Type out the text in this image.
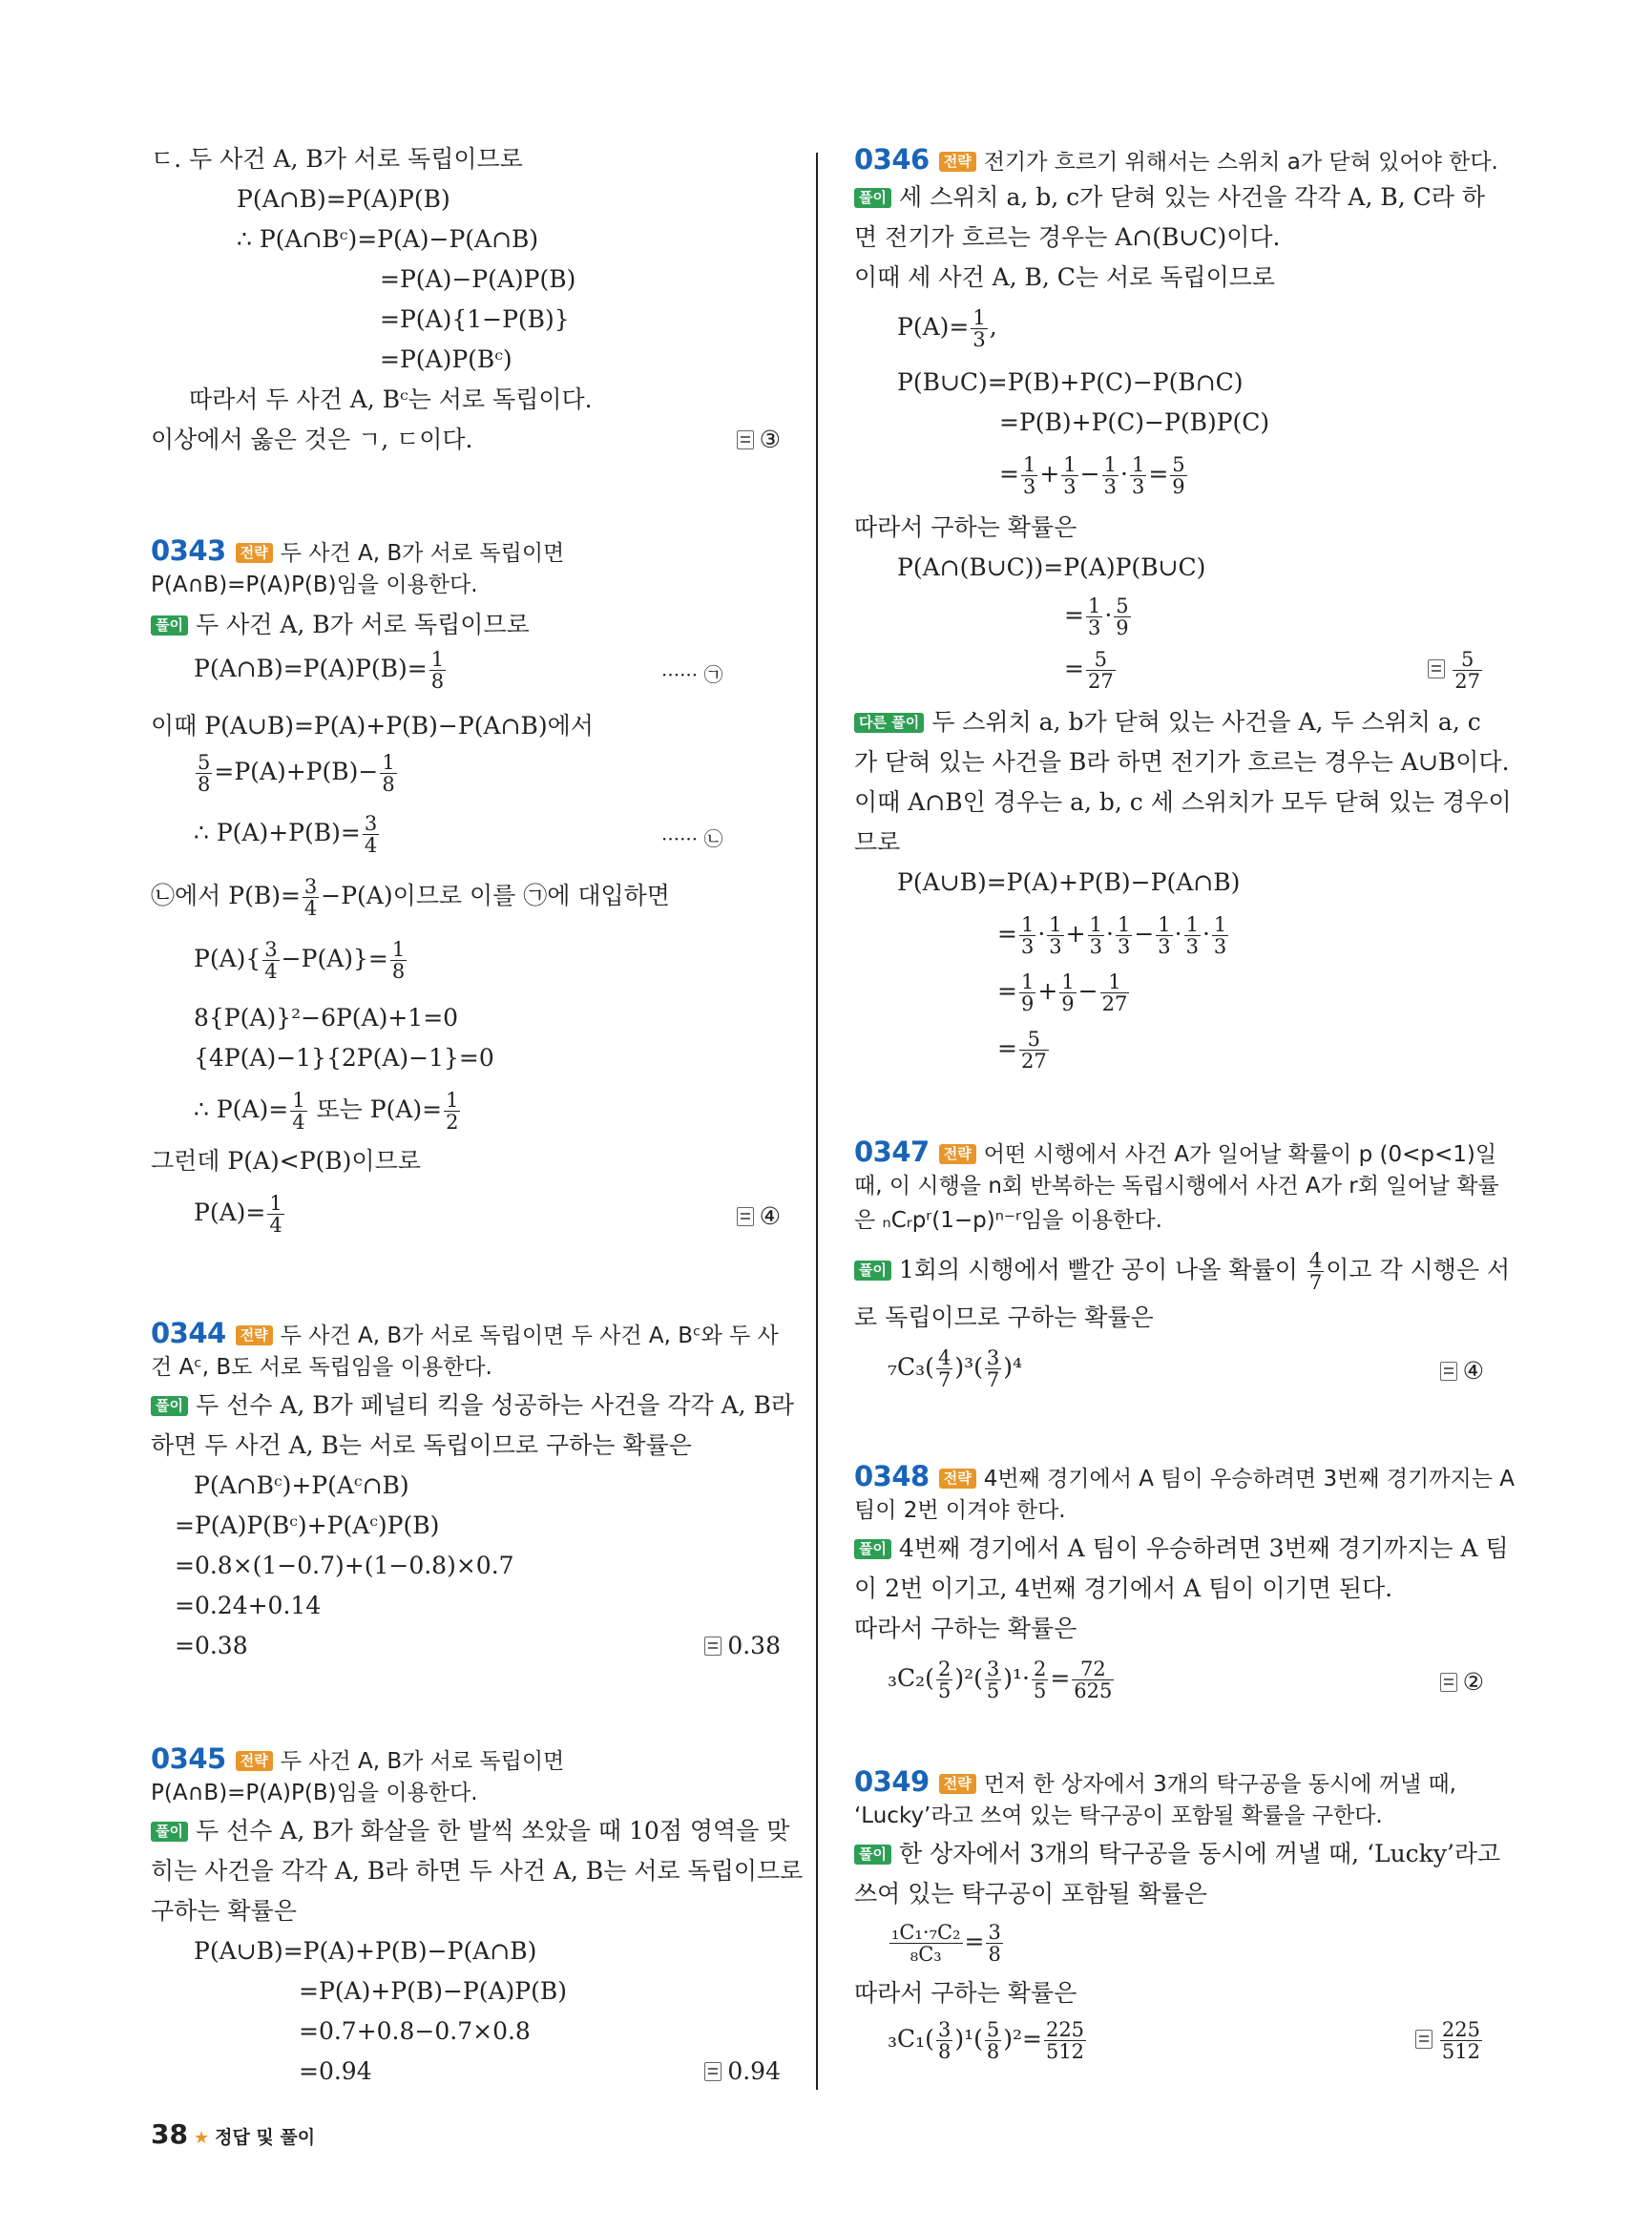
ㄷ. 두 사건 A, B가 서로 독립이므로
P(A∩B)=P(A)P(B)
∴ P(A∩Bᶜ)=P(A)−P(A∩B)
=P(A)−P(A)P(B)
=P(A){1−P(B)}
=P(A)P(Bᶜ)
따라서 두 사건 A, Bᶜ는 서로 독립이다.
이상에서 옳은 것은 ㄱ, ㄷ이다.	③
0343 전략 두 사건 A, B가 서로 독립이면
P(A∩B)=P(A)P(B)임을 이용한다.
풀이 두 사건 A, B가 서로 독립이므로
P(A∩B)=P(A)P(B)= $\frac{1}{8}$	······ ㉠
이때 P(A∪B)=P(A)+P(B)−P(A∩B)에서
$\frac{5}{8} =P(A)+P(B)- \frac{1}{8}$
∴ $P(A)+P(B)= \frac{3}{4}$	······ ㉡
㉡에서 $P(B)= \frac{3}{4} -P(A)$이므로 이를 ㉠에 대입하면
$P(A)\{ \frac{3}{4} -P(A)\}= \frac{1}{8}$
8{P(A)}²−6P(A)+1=0
{4P(A)−1}{2P(A)−1}=0
∴ $P(A)= \frac{1}{4}$ 또는 $P(A)= \frac{1}{2}$
그런데 P(A)<P(B)이므로
$P(A)= \frac{1}{4}$	④
0344 전략 두 사건 A, B가 서로 독립이면 두 사건 A, Bᶜ와 두 사
건 Aᶜ, B도 서로 독립임을 이용한다.
풀이 두 선수 A, B가 페널티 킥을 성공하는 사건을 각각 A, B라
하면 두 사건 A, B는 서로 독립이므로 구하는 확률은
P(A∩Bᶜ)+P(Aᶜ∩B)
=P(A)P(Bᶜ)+P(Aᶜ)P(B)
=0.8×(1−0.7)+(1−0.8)×0.7
=0.24+0.14
=0.38	0.38
0345 전략 두 사건 A, B가 서로 독립이면
P(A∩B)=P(A)P(B)임을 이용한다.
풀이 두 선수 A, B가 화살을 한 발씩 쏘았을 때 10점 영역을 맞
히는 사건을 각각 A, B라 하면 두 사건 A, B는 서로 독립이므로
구하는 확률은
P(A∪B)=P(A)+P(B)−P(A∩B)
=P(A)+P(B)−P(A)P(B)
=0.7+0.8−0.7×0.8
=0.94	0.94
0346 전략 전기가 흐르기 위해서는 스위치 a가 닫혀 있어야 한다.
풀이 세 스위치 a, b, c가 닫혀 있는 사건을 각각 A, B, C라 하
면 전기가 흐르는 경우는 A∩(B∪C)이다.
이때 세 사건 A, B, C는 서로 독립이므로
$P(A)= \frac{1}{3}$ ,
P(B∪C)=P(B)+P(C)−P(B∩C)
=P(B)+P(C)−P(B)P(C)
= $\frac{1}{3} + \frac{1}{3} - \frac{1}{3} \cdot \frac{1}{3} = \frac{5}{9}$
따라서 구하는 확률은
P(A∩(B∪C))=P(A)P(B∪C)
= $\frac{1}{3} \cdot \frac{5}{9}$
= $\frac{5}{27}$	$\frac{5}{27}$
다른 풀이 두 스위치 a, b가 닫혀 있는 사건을 A, 두 스위치 a, c
가 닫혀 있는 사건을 B라 하면 전기가 흐르는 경우는 A∪B이다.
이때 A∩B인 경우는 a, b, c 세 스위치가 모두 닫혀 있는 경우이
므로
P(A∪B)=P(A)+P(B)−P(A∩B)
= $\frac{1}{3} \cdot \frac{1}{3} + \frac{1}{3} \cdot \frac{1}{3} - \frac{1}{3} \cdot \frac{1}{3} \cdot \frac{1}{3}$
= $\frac{1}{9} + \frac{1}{9} - \frac{1}{27}$
= $\frac{5}{27}$
0347 전략 어떤 시행에서 사건 A가 일어날 확률이 p (0<p<1)일
때, 이 시행을 n회 반복하는 독립시행에서 사건 A가 r회 일어날 확률
은 ₙCᵣpʳ(1−p)ⁿ⁻ʳ임을 이용한다.
풀이 1회의 시행에서 빨간 공이 나올 확률이 $\frac{4}{7}$ 이고 각 시행은 서
로 독립이므로 구하는 확률은
$_7C_3( \frac{4}{7} )^3( \frac{3}{7} )^4$	④
0348 전략 4번째 경기에서 A 팀이 우승하려면 3번째 경기까지는 A
팀이 2번 이겨야 한다.
풀이 4번째 경기에서 A 팀이 우승하려면 3번째 경기까지는 A 팀
이 2번 이기고, 4번째 경기에서 A 팀이 이기면 된다.
따라서 구하는 확률은
$_3C_2( \frac{2}{5} )^2( \frac{3}{5} )^1\cdot \frac{2}{5} = \frac{72}{625}$	②
0349 전략 먼저 한 상자에서 3개의 탁구공을 동시에 꺼낼 때,
‘Lucky’라고 쓰여 있는 탁구공이 포함될 확률을 구한다.
풀이 한 상자에서 3개의 탁구공을 동시에 꺼낼 때, ‘Lucky’라고
쓰여 있는 탁구공이 포함될 확률은
$\frac{\text{₁C₁·₇C₂}}{\text{₈C₃}} = \frac{3}{8}$
따라서 구하는 확률은
$_3C_1( \frac{3}{8} )^1( \frac{5}{8} )^2= \frac{225}{512}$	$\frac{225}{512}$
38 ★ 정답 및 풀이
